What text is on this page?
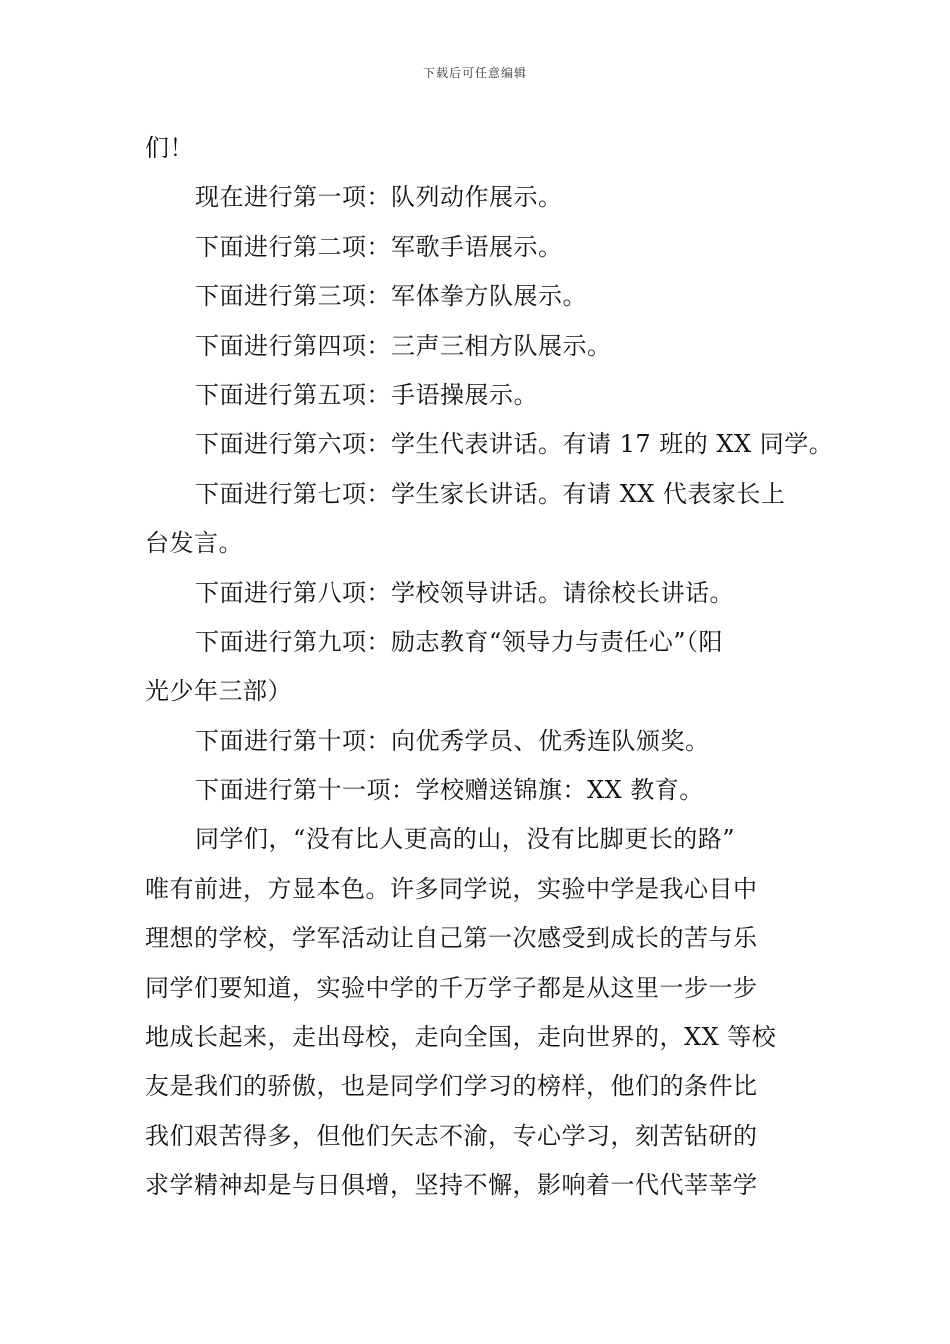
下载后可任意编辑
们！
现在进行第一项：队列动作展示。
下面进行第二项：军歌手语展示。
下面进行第三项：军体拳方队展示。
下面进行第四项：三声三相方队展示。
下面进行第五项：手语操展示。
下面进行第六项：学生代表讲话。有请 17 班的 XX 同学。
下面进行第七项：学生家长讲话。有请 XX 代表家长上
台发言。
下面进行第八项：学校领导讲话。请徐校长讲话。
下面进行第九项：励志教育“领导力与责任心”（阳
光少年三部）
下面进行第十项：向优秀学员、优秀连队颁奖。
下面进行第十一项：学校赠送锦旗：XX 教育。
同学们，“没有比人更高的山，没有比脚更长的路”
唯有前进，方显本色。许多同学说，实验中学是我心目中
理想的学校，学军活动让自己第一次感受到成长的苦与乐
同学们要知道，实验中学的千万学子都是从这里一步一步
地成长起来，走出母校，走向全国，走向世界的，XX 等校
友是我们的骄傲，也是同学们学习的榜样，他们的条件比
我们艰苦得多，但他们矢志不渝，专心学习，刻苦钻研的
求学精神却是与日俱增，坚持不懈，影响着一代代莘莘学
